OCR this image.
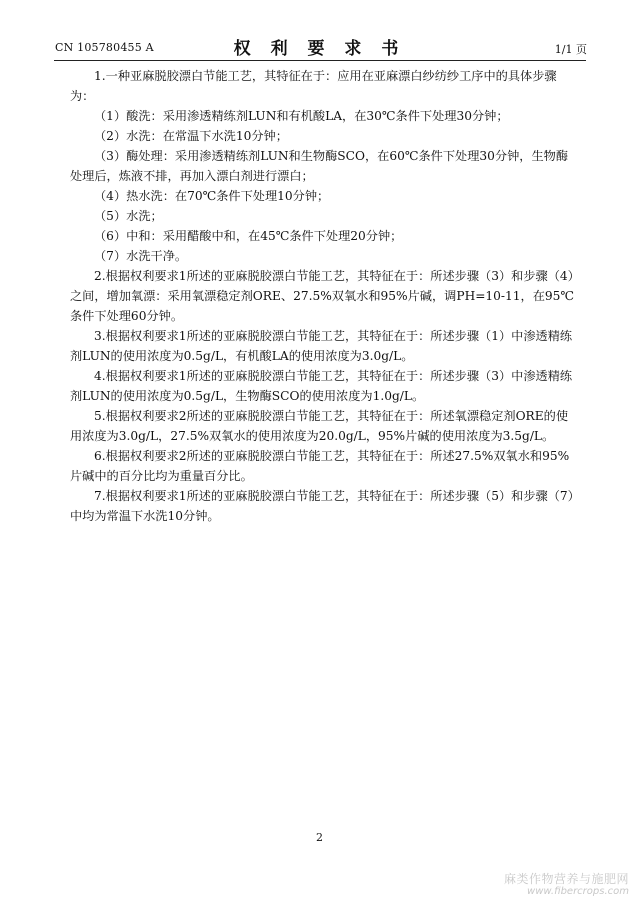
CN 105780455 A	权 利 要 求 书	1/1 页

1.一种亚麻脱胶漂白节能工艺，其特征在于：应用在亚麻漂白纱纺纱工序中的具体步骤为：

（1）酸洗：采用渗透精练剂LUN和有机酸LA，在30℃条件下处理30分钟；

（2）水洗：在常温下水洗10分钟；

（3）酶处理：采用渗透精练剂LUN和生物酶SCO，在60℃条件下处理30分钟，生物酶处理后，炼液不排，再加入漂白剂进行漂白；

（4）热水洗：在70℃条件下处理10分钟；

（5）水洗；

（6）中和：采用醋酸中和，在45℃条件下处理20分钟；

（7）水洗干净。

2.根据权利要求1所述的亚麻脱胶漂白节能工艺，其特征在于：所述步骤（3）和步骤（4）之间，增加氧漂：采用氧漂稳定剂ORE、27.5%双氧水和95%片碱，调PH=10-11，在95℃条件下处理60分钟。

3.根据权利要求1所述的亚麻脱胶漂白节能工艺，其特征在于：所述步骤（1）中渗透精练剂LUN的使用浓度为0.5g/L，有机酸LA的使用浓度为3.0g/L。

4.根据权利要求1所述的亚麻脱胶漂白节能工艺，其特征在于：所述步骤（3）中渗透精练剂LUN的使用浓度为0.5g/L，生物酶SCO的使用浓度为1.0g/L。

5.根据权利要求2所述的亚麻脱胶漂白节能工艺，其特征在于：所述氧漂稳定剂ORE的使用浓度为3.0g/L，27.5%双氧水的使用浓度为20.0g/L，95%片碱的使用浓度为3.5g/L。

6.根据权利要求2所述的亚麻脱胶漂白节能工艺，其特征在于：所述27.5%双氧水和95%片碱中的百分比均为重量百分比。

7.根据权利要求1所述的亚麻脱胶漂白节能工艺，其特征在于：所述步骤（5）和步骤（7）中均为常温下水洗10分钟。

2
麻类作物营养与施肥网
www.fibercrops.com
